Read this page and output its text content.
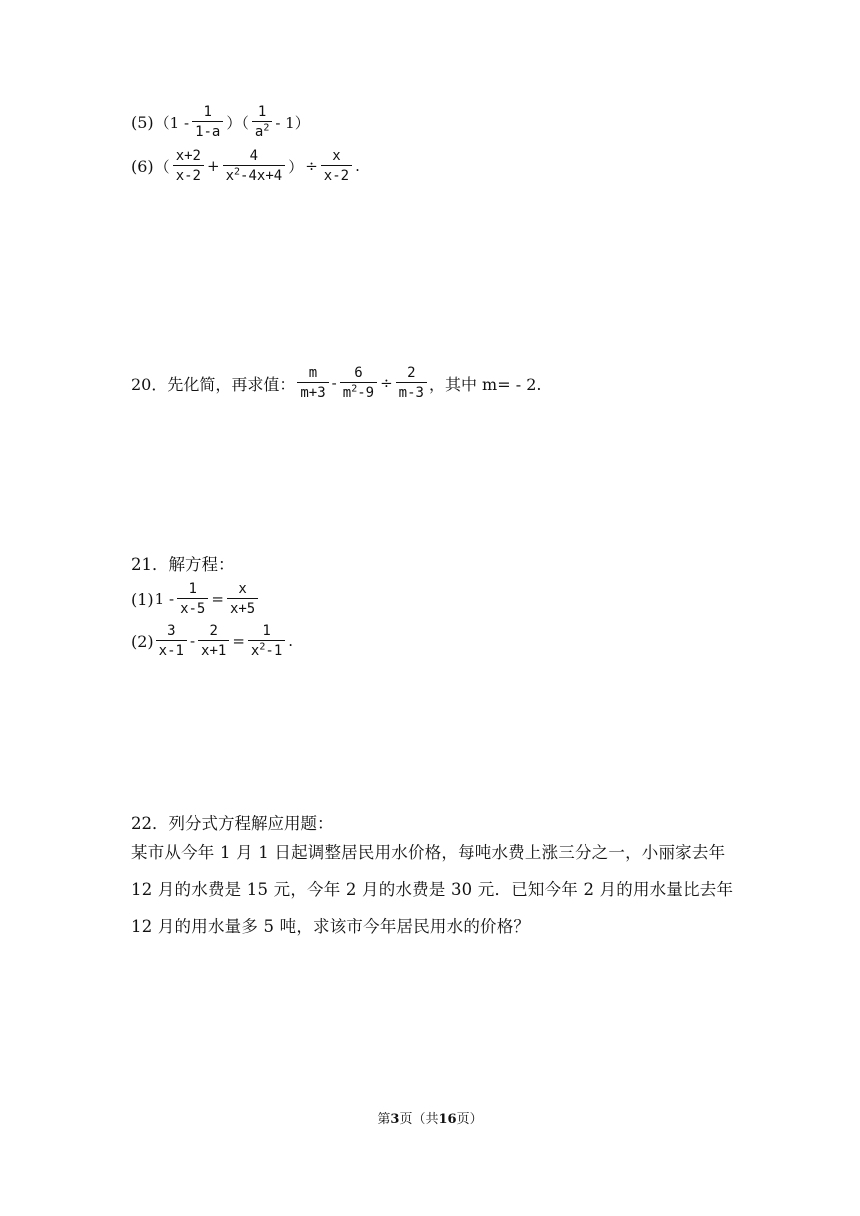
(5) （$1 - \frac{1}{1-a}$ ）（ $\frac{1}{a^2} - 1$）
(6) （ $\frac{x+2}{x-2} + \frac{4}{x^2-4x+4}$ ） ÷ $\frac{x}{x-2}$ .
20．先化简，再求值： $\frac{m}{m+3} - \frac{6}{m^2-9} \div \frac{2}{m-3}$ ，其中 m= - 2.
21．解方程：
(1) $1 - \frac{1}{x-5} = \frac{x}{x+5}$
$(2) \frac{3}{x-1} - \frac{2}{x+1} = \frac{1}{x^2-1}$ .
22．列分式方程解应用题：
某市从今年 1 月 1 日起调整居民用水价格，每吨水费上涨三分之一，小丽家去年
12 月的水费是 15 元，今年 2 月的水费是 30 元．已知今年 2 月的用水量比去年
12 月的用水量多 5 吨，求该市今年居民用水的价格？
第3页（共16页）
